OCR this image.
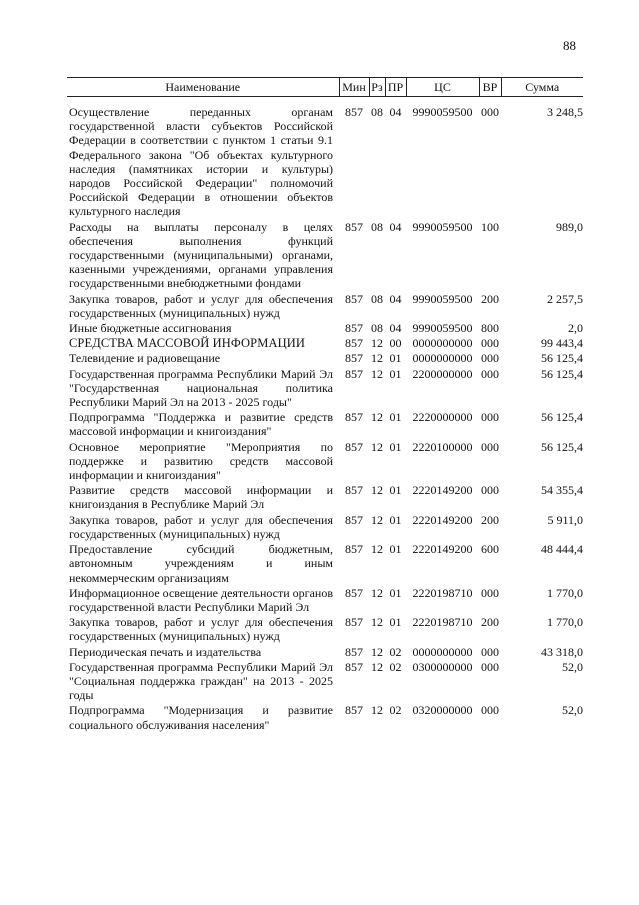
88
Наименование	Мин	Рз	ПР	ЦС	ВР	Сумма
Осуществление переданных органам государственной власти субъектов Российской Федерации в соответствии с пунктом 1 статьи 9.1 Федерального закона "Об объектах культурного наследия (памятниках истории и культуры) народов Российской Федерации" полномочий Российской Федерации в отношении объектов культурного наследия	857	08	04	9990059500	000	3 248,5
Расходы на выплаты персоналу в целях обеспечения выполнения функций государственными (муниципальными) органами, казенными учреждениями, органами управления государственными внебюджетными фондами	857	08	04	9990059500	100	989,0
Закупка товаров, работ и услуг для обеспечения государственных (муниципальных) нужд	857	08	04	9990059500	200	2 257,5
Иные бюджетные ассигнования	857	08	04	9990059500	800	2,0
СРЕДСТВА МАССОВОЙ ИНФОРМАЦИИ	857	12	00	0000000000	000	99 443,4
Телевидение и радиовещание	857	12	01	0000000000	000	56 125,4
Государственная программа Республики Марий Эл "Государственная национальная политика Республики Марий Эл на 2013 - 2025 годы"	857	12	01	2200000000	000	56 125,4
Подпрограмма "Поддержка и развитие средств массовой информации и книгоиздания"	857	12	01	2220000000	000	56 125,4
Основное мероприятие "Мероприятия по поддержке и развитию средств массовой информации и книгоиздания"	857	12	01	2220100000	000	56 125,4
Развитие средств массовой информации и книгоиздания в Республике Марий Эл	857	12	01	2220149200	000	54 355,4
Закупка товаров, работ и услуг для обеспечения государственных (муниципальных) нужд	857	12	01	2220149200	200	5 911,0
Предоставление субсидий бюджетным, автономным учреждениям и иным некоммерческим организациям	857	12	01	2220149200	600	48 444,4
Информационное освещение деятельности органов государственной власти Республики Марий Эл	857	12	01	2220198710	000	1 770,0
Закупка товаров, работ и услуг для обеспечения государственных (муниципальных) нужд	857	12	01	2220198710	200	1 770,0
Периодическая печать и издательства	857	12	02	0000000000	000	43 318,0
Государственная программа Республики Марий Эл "Социальная поддержка граждан" на 2013 - 2025 годы	857	12	02	0300000000	000	52,0
Подпрограмма "Модернизация и развитие социального обслуживания населения"	857	12	02	0320000000	000	52,0
